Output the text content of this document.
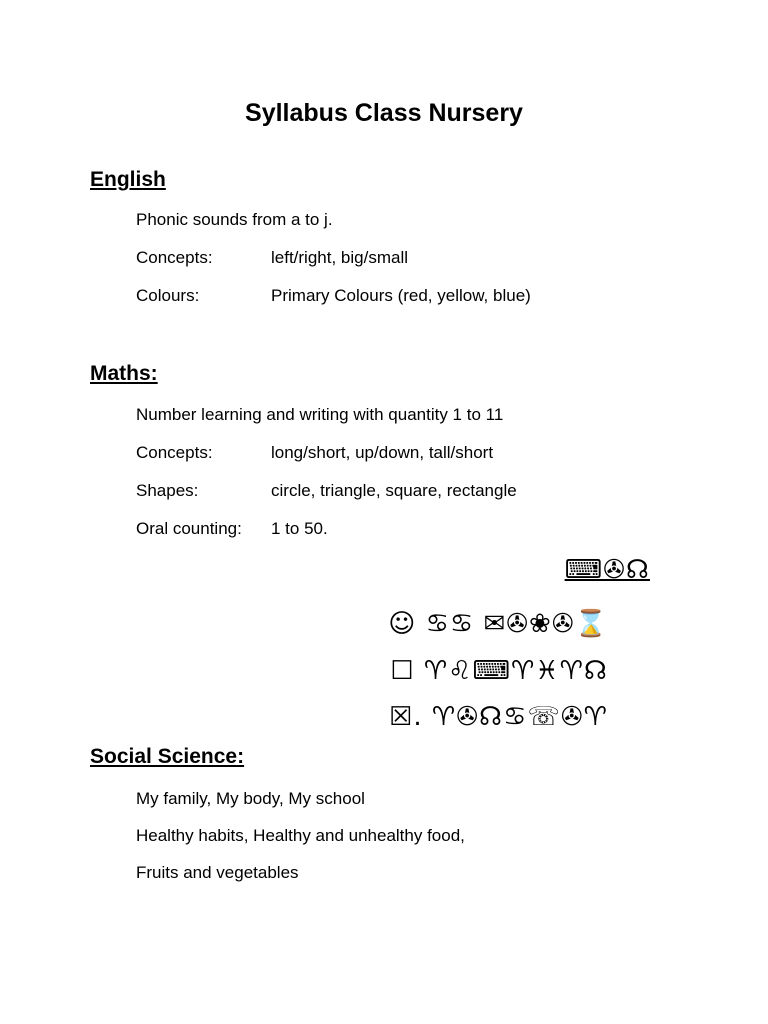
Syllabus Class Nursery
English
Phonic sounds from a to j.
Concepts:	left/right, big/small
Colours:	Primary Colours (red, yellow, blue)
Maths:
Number learning and writing with quantity 1 to 11
Concepts:	long/short, up/down, tall/short
Shapes:	circle, triangle, square, rectangle
Oral counting: 1 to 50.
⌨✇☊
☺ ♋♋ ✉✇❀✇⌛
☐ ♈♌⌨♈♓♈☊
☒. ♈✇☊♋☏✇♈
Social Science:
My family, My body, My school
Healthy habits, Healthy and unhealthy food,
Fruits and vegetables
